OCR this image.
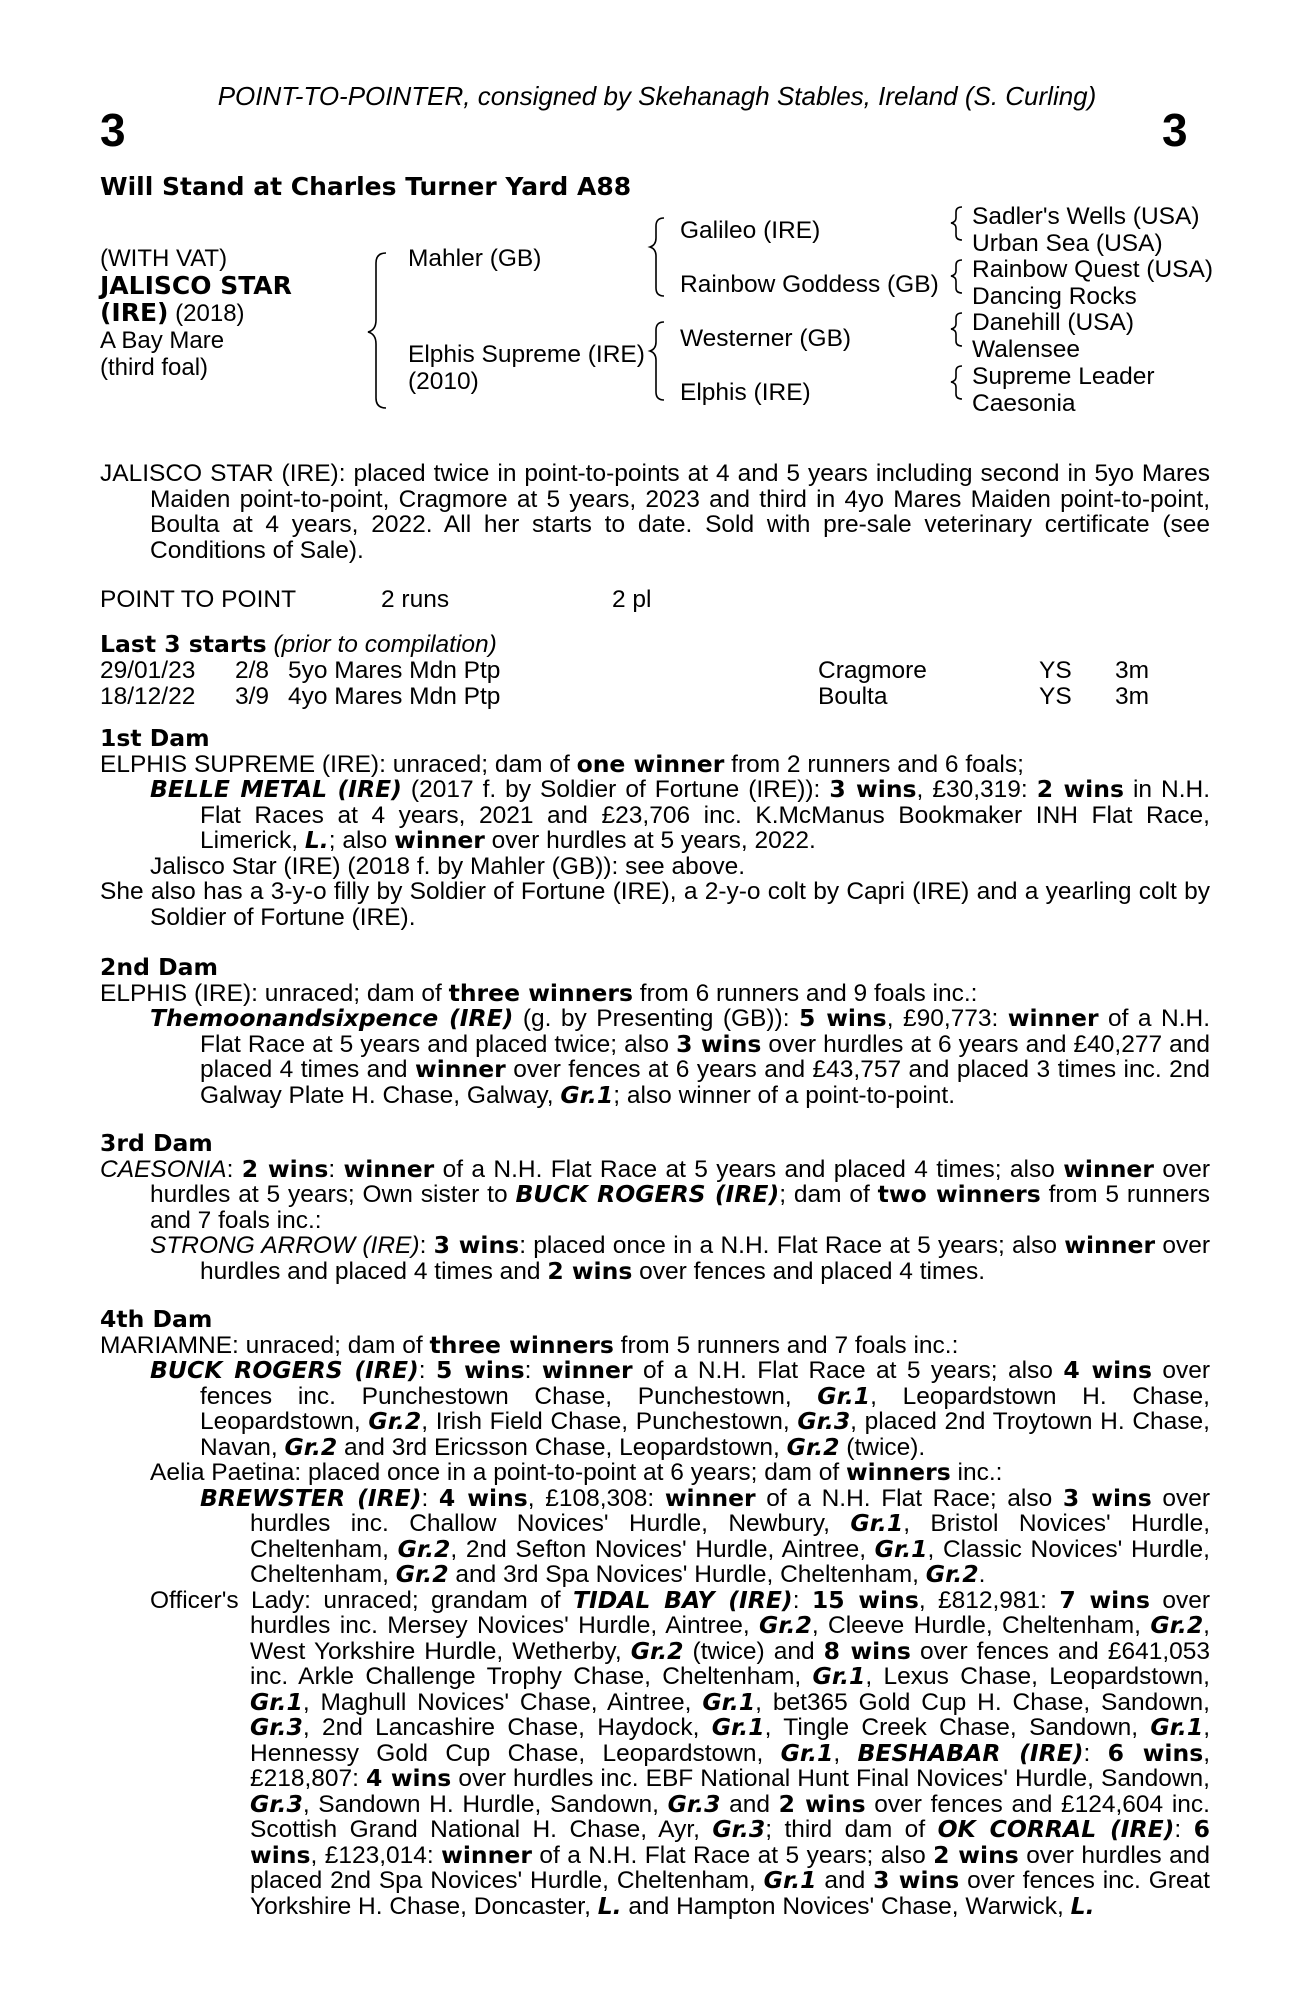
POINT-TO-POINTER, consigned by Skehanagh Stables, Ireland (S. Curling)
3	3
Will Stand at Charles Turner Yard A88
(WITH VAT)
JALISCO STAR
(IRE) (2018)
A Bay Mare
(third foal)
Mahler (GB)
Elphis Supreme (IRE)
(2010)
Galileo (IRE)
Rainbow Goddess (GB)
Westerner (GB)
Elphis (IRE)
Sadler's Wells (USA)
Urban Sea (USA)
Rainbow Quest (USA)
Dancing Rocks
Danehill (USA)
Walensee
Supreme Leader
Caesonia

JALISCO STAR (IRE): placed twice in point-to-points at 4 and 5 years including second in 5yo Mares Maiden point-to-point, Cragmore at 5 years, 2023 and third in 4yo Mares Maiden point-to-point, Boulta at 4 years, 2022. All her starts to date. Sold with pre-sale veterinary certificate (see Conditions of Sale).

POINT TO POINT	2 runs	2 pl
Last 3 starts (prior to compilation)
29/01/23 2/8 5yo Mares Mdn Ptp	Cragmore	YS 3m
18/12/22 3/9 4yo Mares Mdn Ptp	Boulta	YS 3m
1st Dam

ELPHIS SUPREME (IRE): unraced; dam of one winner from 2 runners and 6 foals;

BELLE METAL (IRE) (2017 f. by Soldier of Fortune (IRE)): 3 wins, £30,319: 2 wins in N.H. Flat Races at 4 years, 2021 and £23,706 inc. K.McManus Bookmaker INH Flat Race, Limerick, L.; also winner over hurdles at 5 years, 2022.

Jalisco Star (IRE) (2018 f. by Mahler (GB)): see above.

She also has a 3-y-o filly by Soldier of Fortune (IRE), a 2-y-o colt by Capri (IRE) and a yearling colt by Soldier of Fortune (IRE).

2nd Dam

ELPHIS (IRE): unraced; dam of three winners from 6 runners and 9 foals inc.:

Themoonandsixpence (IRE) (g. by Presenting (GB)): 5 wins, £90,773: winner of a N.H. Flat Race at 5 years and placed twice; also 3 wins over hurdles at 6 years and £40,277 and placed 4 times and winner over fences at 6 years and £43,757 and placed 3 times inc. 2nd Galway Plate H. Chase, Galway, Gr.1; also winner of a point-to-point.

3rd Dam

CAESONIA: 2 wins: winner of a N.H. Flat Race at 5 years and placed 4 times; also winner over hurdles at 5 years; Own sister to BUCK ROGERS (IRE); dam of two winners from 5 runners and 7 foals inc.:

STRONG ARROW (IRE): 3 wins: placed once in a N.H. Flat Race at 5 years; also winner over hurdles and placed 4 times and 2 wins over fences and placed 4 times.

4th Dam

MARIAMNE: unraced; dam of three winners from 5 runners and 7 foals inc.:

BUCK ROGERS (IRE): 5 wins: winner of a N.H. Flat Race at 5 years; also 4 wins over fences inc. Punchestown Chase, Punchestown, Gr.1, Leopardstown H. Chase, Leopardstown, Gr.2, Irish Field Chase, Punchestown, Gr.3, placed 2nd Troytown H. Chase, Navan, Gr.2 and 3rd Ericsson Chase, Leopardstown, Gr.2 (twice).

Aelia Paetina: placed once in a point-to-point at 6 years; dam of winners inc.:

BREWSTER (IRE): 4 wins, £108,308: winner of a N.H. Flat Race; also 3 wins over hurdles inc. Challow Novices' Hurdle, Newbury, Gr.1, Bristol Novices' Hurdle, Cheltenham, Gr.2, 2nd Sefton Novices' Hurdle, Aintree, Gr.1, Classic Novices' Hurdle, Cheltenham, Gr.2 and 3rd Spa Novices' Hurdle, Cheltenham, Gr.2.

Officer's Lady: unraced; grandam of TIDAL BAY (IRE): 15 wins, £812,981: 7 wins over hurdles inc. Mersey Novices' Hurdle, Aintree, Gr.2, Cleeve Hurdle, Cheltenham, Gr.2, West Yorkshire Hurdle, Wetherby, Gr.2 (twice) and 8 wins over fences and £641,053 inc. Arkle Challenge Trophy Chase, Cheltenham, Gr.1, Lexus Chase, Leopardstown, Gr.1, Maghull Novices' Chase, Aintree, Gr.1, bet365 Gold Cup H. Chase, Sandown, Gr.3, 2nd Lancashire Chase, Haydock, Gr.1, Tingle Creek Chase, Sandown, Gr.1, Hennessy Gold Cup Chase, Leopardstown, Gr.1, BESHABAR (IRE): 6 wins, £218,807: 4 wins over hurdles inc. EBF National Hunt Final Novices' Hurdle, Sandown, Gr.3, Sandown H. Hurdle, Sandown, Gr.3 and 2 wins over fences and £124,604 inc. Scottish Grand National H. Chase, Ayr, Gr.3; third dam of OK CORRAL (IRE): 6 wins, £123,014: winner of a N.H. Flat Race at 5 years; also 2 wins over hurdles and placed 2nd Spa Novices' Hurdle, Cheltenham, Gr.1 and 3 wins over fences inc. Great Yorkshire H. Chase, Doncaster, L. and Hampton Novices' Chase, Warwick, L.
